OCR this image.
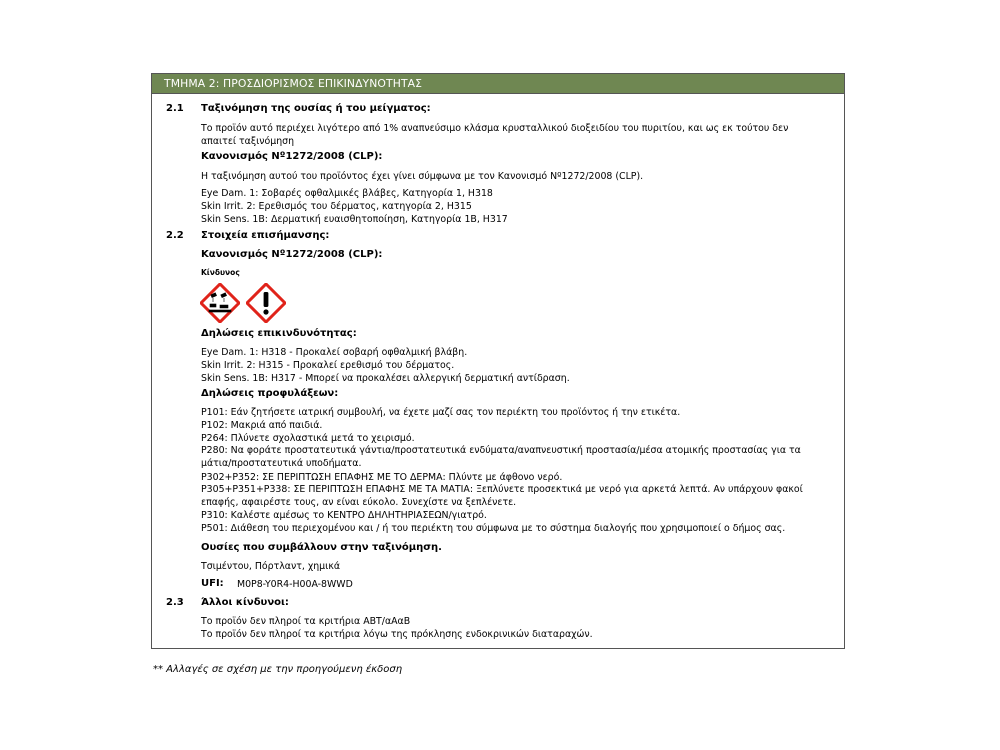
ΤΜΗΜΑ 2: ΠΡΟΣΔΙΟΡΙΣΜΟΣ ΕΠΙΚΙΝΔΥΝΟΤΗΤΑΣ
2.1 Ταξινόμηση της ουσίας ή του μείγματος:
Το προϊόν αυτό περιέχει λιγότερο από 1% αναπνεύσιμο κλάσμα κρυσταλλικού διοξειδίου του πυριτίου, και ως εκ τούτου δεν απαιτεί ταξινόμηση
Κανονισμός Nº1272/2008 (CLP):
Η ταξινόμηση αυτού του προϊόντος έχει γίνει σύμφωνα με τον Κανονισμό Nº1272/2008 (CLP).
Eye Dam. 1: Σοβαρές οφθαλμικές βλάβες, Κατηγορία 1, H318
Skin Irrit. 2: Ερεθισμός του δέρματος, κατηγορία 2, H315
Skin Sens. 1B: Δερματική ευαισθητοποίηση, Κατηγορία 1B, H317
2.2 Στοιχεία επισήμανσης:
Κανονισμός Nº1272/2008 (CLP):
Κίνδυνος
Δηλώσεις επικινδυνότητας:
Eye Dam. 1: H318 - Προκαλεί σοβαρή οφθαλμική βλάβη.
Skin Irrit. 2: H315 - Προκαλεί ερεθισμό του δέρματος.
Skin Sens. 1B: H317 - Μπορεί να προκαλέσει αλλεργική δερματική αντίδραση.
Δηλώσεις προφυλάξεων:
P101: Εάν ζητήσετε ιατρική συμβουλή, να έχετε μαζί σας τον περιέκτη του προϊόντος ή την ετικέτα.
P102: Μακριά από παιδιά.
P264: Πλύνετε σχολαστικά μετά το χειρισμό.
P280: Να φοράτε προστατευτικά γάντια/προστατευτικά ενδύματα/αναπνευστική προστασία/μέσα ατομικής προστασίας για τα μάτια/προστατευτικά υποδήματα.
P302+P352: ΣΕ ΠΕΡΙΠΤΩΣΗ ΕΠΑΦΗΣ ΜΕ ΤΟ ΔΕΡΜΑ: Πλύντε με άφθονο νερό.
P305+P351+P338: ΣΕ ΠΕΡΙΠΤΩΣΗ ΕΠΑΦΗΣ ΜΕ ΤΑ ΜΑΤΙΑ: Ξεπλύνετε προσεκτικά με νερό για αρκετά λεπτά. Αν υπάρχουν φακοί επαφής, αφαιρέστε τους, αν είναι εύκολο. Συνεχίστε να ξεπλένετε.
P310: Καλέστε αμέσως το ΚΕΝΤΡΟ ΔΗΛΗΤΗΡΙΑΣΕΩΝ/γιατρό.
P501: Διάθεση του περιεχομένου και / ή του περιέκτη του σύμφωνα με το σύστημα διαλογής που χρησιμοποιεί ο δήμος σας.
Ουσίες που συμβάλλουν στην ταξινόμηση.
Τσιμέντου, Πόρτλαντ, χημικά
UFI: M0P8-Y0R4-H00A-8WWD
2.3 Άλλοι κίνδυνοι:
Το προϊόν δεν πληροί τα κριτήρια ΑΒΤ/αΑαΒ
Το προϊόν δεν πληροί τα κριτήρια λόγω της πρόκλησης ενδοκρινικών διαταραχών.
** Αλλαγές σε σχέση με την προηγούμενη έκδοση
